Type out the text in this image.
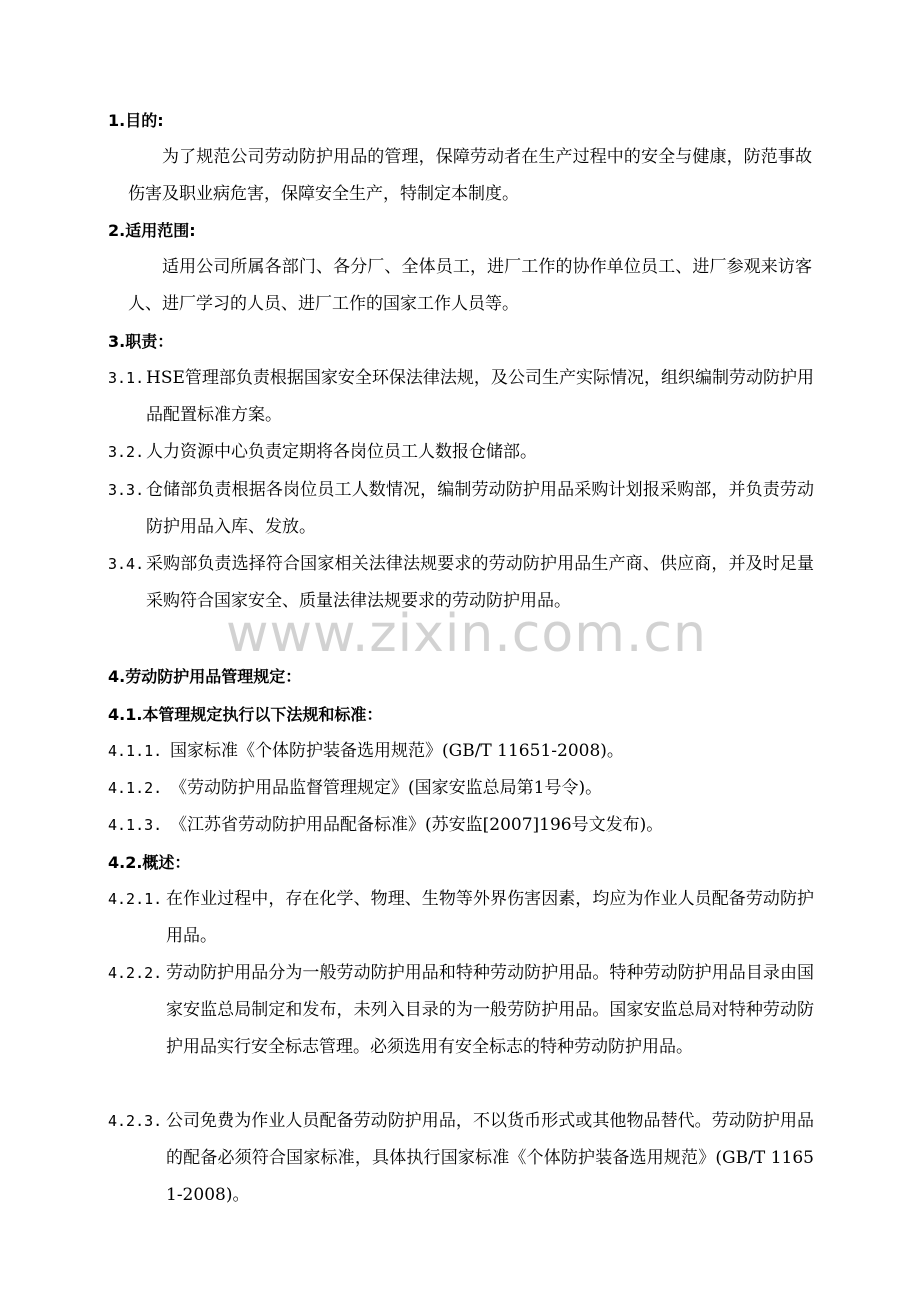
1.目的:
为了规范公司劳动防护用品的管理，保障劳动者在生产过程中的安全与健康，防范事故伤害及职业病危害，保障安全生产，特制定本制度。
2.适用范围:
适用公司所属各部门、各分厂、全体员工，进厂工作的协作单位员工、进厂参观来访客人、进厂学习的人员、进厂工作的国家工作人员等。
3.职责：
3.1. HSE管理部负责根据国家安全环保法律法规，及公司生产实际情况，组织编制劳动防护用品配置标准方案。
3.2. 人力资源中心负责定期将各岗位员工人数报仓储部。
3.3. 仓储部负责根据各岗位员工人数情况，编制劳动防护用品采购计划报采购部，并负责劳动防护用品入库、发放。
3.4. 采购部负责选择符合国家相关法律法规要求的劳动防护用品生产商、供应商，并及时足量采购符合国家安全、质量法律法规要求的劳动防护用品。
www.zixin.com.cn
4.劳动防护用品管理规定：
4.1.本管理规定执行以下法规和标准：
4.1.1. 国家标准《个体防护装备选用规范》(GB/T 11651-2008)。
4.1.2. 《劳动防护用品监督管理规定》(国家安监总局第1号令)。
4.1.3. 《江苏省劳动防护用品配备标准》(苏安监[2007]196号文发布)。
4.2.概述：
4.2.1. 在作业过程中，存在化学、物理、生物等外界伤害因素，均应为作业人员配备劳动防护用品。
4.2.2. 劳动防护用品分为一般劳动防护用品和特种劳动防护用品。特种劳动防护用品目录由国家安监总局制定和发布，未列入目录的为一般劳防护用品。国家安监总局对特种劳动防护用品实行安全标志管理。必须选用有安全标志的特种劳动防护用品。
4.2.3. 公司免费为作业人员配备劳动防护用品，不以货币形式或其他物品替代。劳动防护用品的配备必须符合国家标准，具体执行国家标准《个体防护装备选用规范》(GB/T 11651-2008)。
